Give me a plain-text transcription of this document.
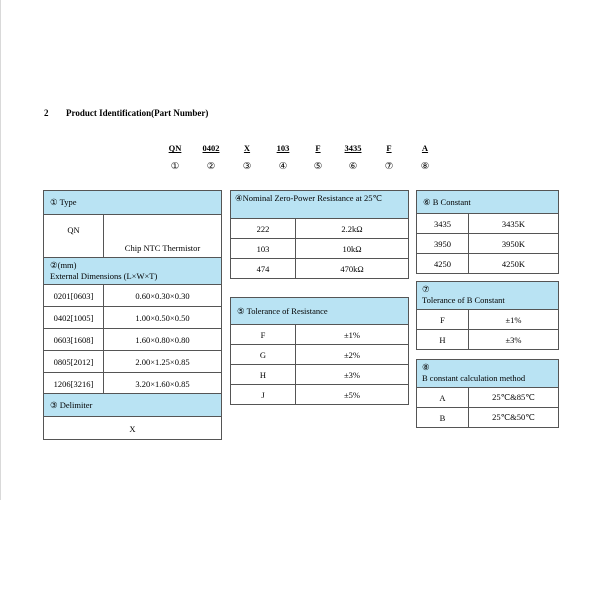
2 Product Identification(Part Number)
QN	0402	X	103	F	3435	F	A
①	②	③	④	⑤	⑥	⑦	⑧
① Type
QN	Chip NTC Thermistor
②(mm)
External Dimensions (L×W×T)
0201[0603]	0.60×0.30×0.30
0402[1005]	1.00×0.50×0.50
0603[1608]	1.60×0.80×0.80
0805[2012]	2.00×1.25×0.85
1206[3216]	3.20×1.60×0.85
③ Delimiter
X
④Nominal Zero-Power Resistance at 25℃
222	2.2kΩ
103	10kΩ
474	470kΩ
⑤ Tolerance of Resistance
F	±1%
G	±2%
H	±3%
J	±5%
⑥ B Constant
3435	3435K
3950	3950K
4250	4250K
⑦
Tolerance of B Constant
F	±1%
H	±3%
⑧
B constant calculation method
A	25℃&85℃
B	25℃&50℃
